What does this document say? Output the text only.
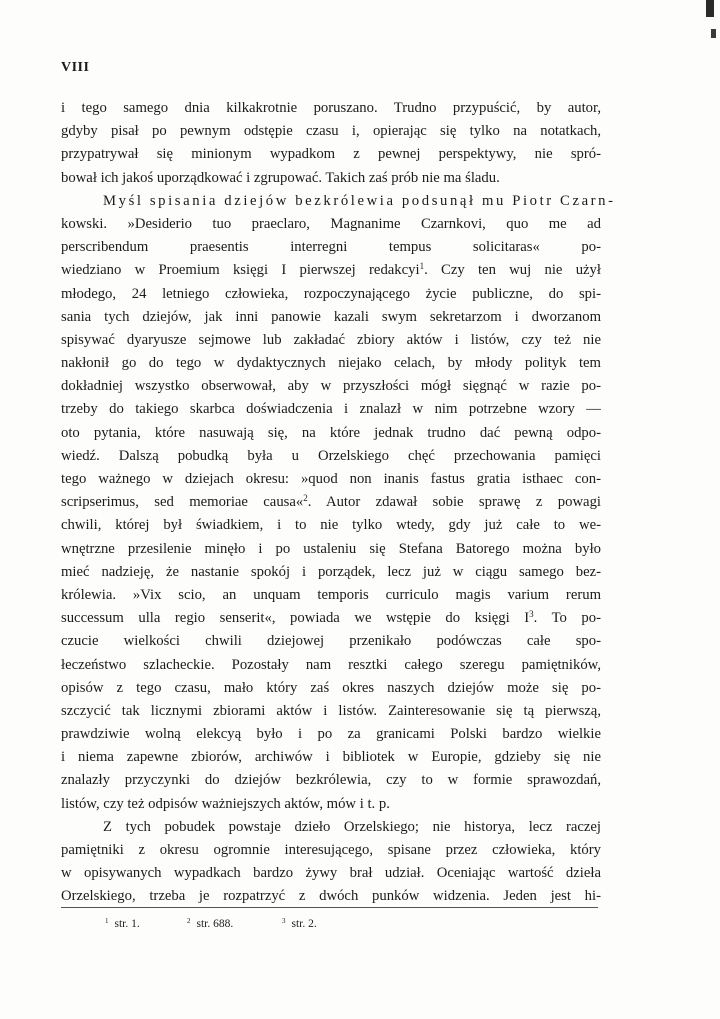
VIII
i tego samego dnia kilkakrotnie poruszano. Trudno przypuścić, by autor,
gdyby pisał po pewnym odstępie czasu i, opierając się tylko na notatkach,
przypatrywał się minionym wypadkom z pewnej perspektywy, nie spró-
bował ich jakoś uporządkować i zgrupować. Takich zaś prób nie ma śladu.
Myśl spisania dziejów bezkrólewia podsunął mu Piotr Czarn-
kowski. »Desiderio tuo praeclaro, Magnanime Czarnkovi, quo me ad
perscribendum praesentis interregni tempus solicitaras« po-
wiedziano w Proemium księgi I pierwszej redakcyi$^1$. Czy ten wuj nie użył
młodego, 24 letniego człowieka, rozpoczynającego życie publiczne, do spi-
sania tych dziejów, jak inni panowie kazali swym sekretarzom i dworzanom
spisywać dyaryusze sejmowe lub zakładać zbiory aktów i listów, czy też nie
nakłonił go do tego w dydaktycznych niejako celach, by młody polityk tem
dokładniej wszystko obserwował, aby w przyszłości mógł sięgnąć w razie po-
trzeby do takiego skarbca doświadczenia i znalazł w nim potrzebne wzory —
oto pytania, które nasuwają się, na które jednak trudno dać pewną odpo-
wiedź. Dalszą pobudką była u Orzelskiego chęć przechowania pamięci
tego ważnego w dziejach okresu: »quod non inanis fastus gratia isthaec con-
scripserimus, sed memoriae causa«$^2$. Autor zdawał sobie sprawę z powagi
chwili, której był świadkiem, i to nie tylko wtedy, gdy już całe to we-
wnętrzne przesilenie minęło i po ustaleniu się Stefana Batorego można było
mieć nadzieję, że nastanie spokój i porządek, lecz już w ciągu samego bez-
królewia. »Vix scio, an unquam temporis curriculo magis varium rerum
successum ulla regio senserit«, powiada we wstępie do księgi $I^3$. To po-
czucie wielkości chwili dziejowej przenikało podówczas całe spo-
łeczeństwo szlacheckie. Pozostały nam resztki całego szeregu pamiętników,
opisów z tego czasu, mało który zaś okres naszych dziejów może się po-
szczycić tak licznymi zbiorami aktów i listów. Zainteresowanie się tą pierwszą,
prawdziwie wolną elekcyą było i po za granicami Polski bardzo wielkie
i niema zapewne zbiorów, archiwów i bibliotek w Europie, gdzieby się nie
znalazły przyczynki do dziejów bezkrólewia, czy to w formie sprawozdań,
listów, czy też odpisów ważniejszych aktów, mów i t. p.
Z tych pobudek powstaje dzieło Orzelskiego; nie historya, lecz raczej
pamiętniki z okresu ogromnie interesującego, spisane przez człowieka, który
w opisywanych wypadkach bardzo żywy brał udział. Oceniając wartość dzieła
Orzelskiego, trzeba je rozpatrzyć z dwóch punków widzenia. Jeden jest hi-
$^1$ str. 1.	$^2$ str. 688.	$^3$ str. 2.
